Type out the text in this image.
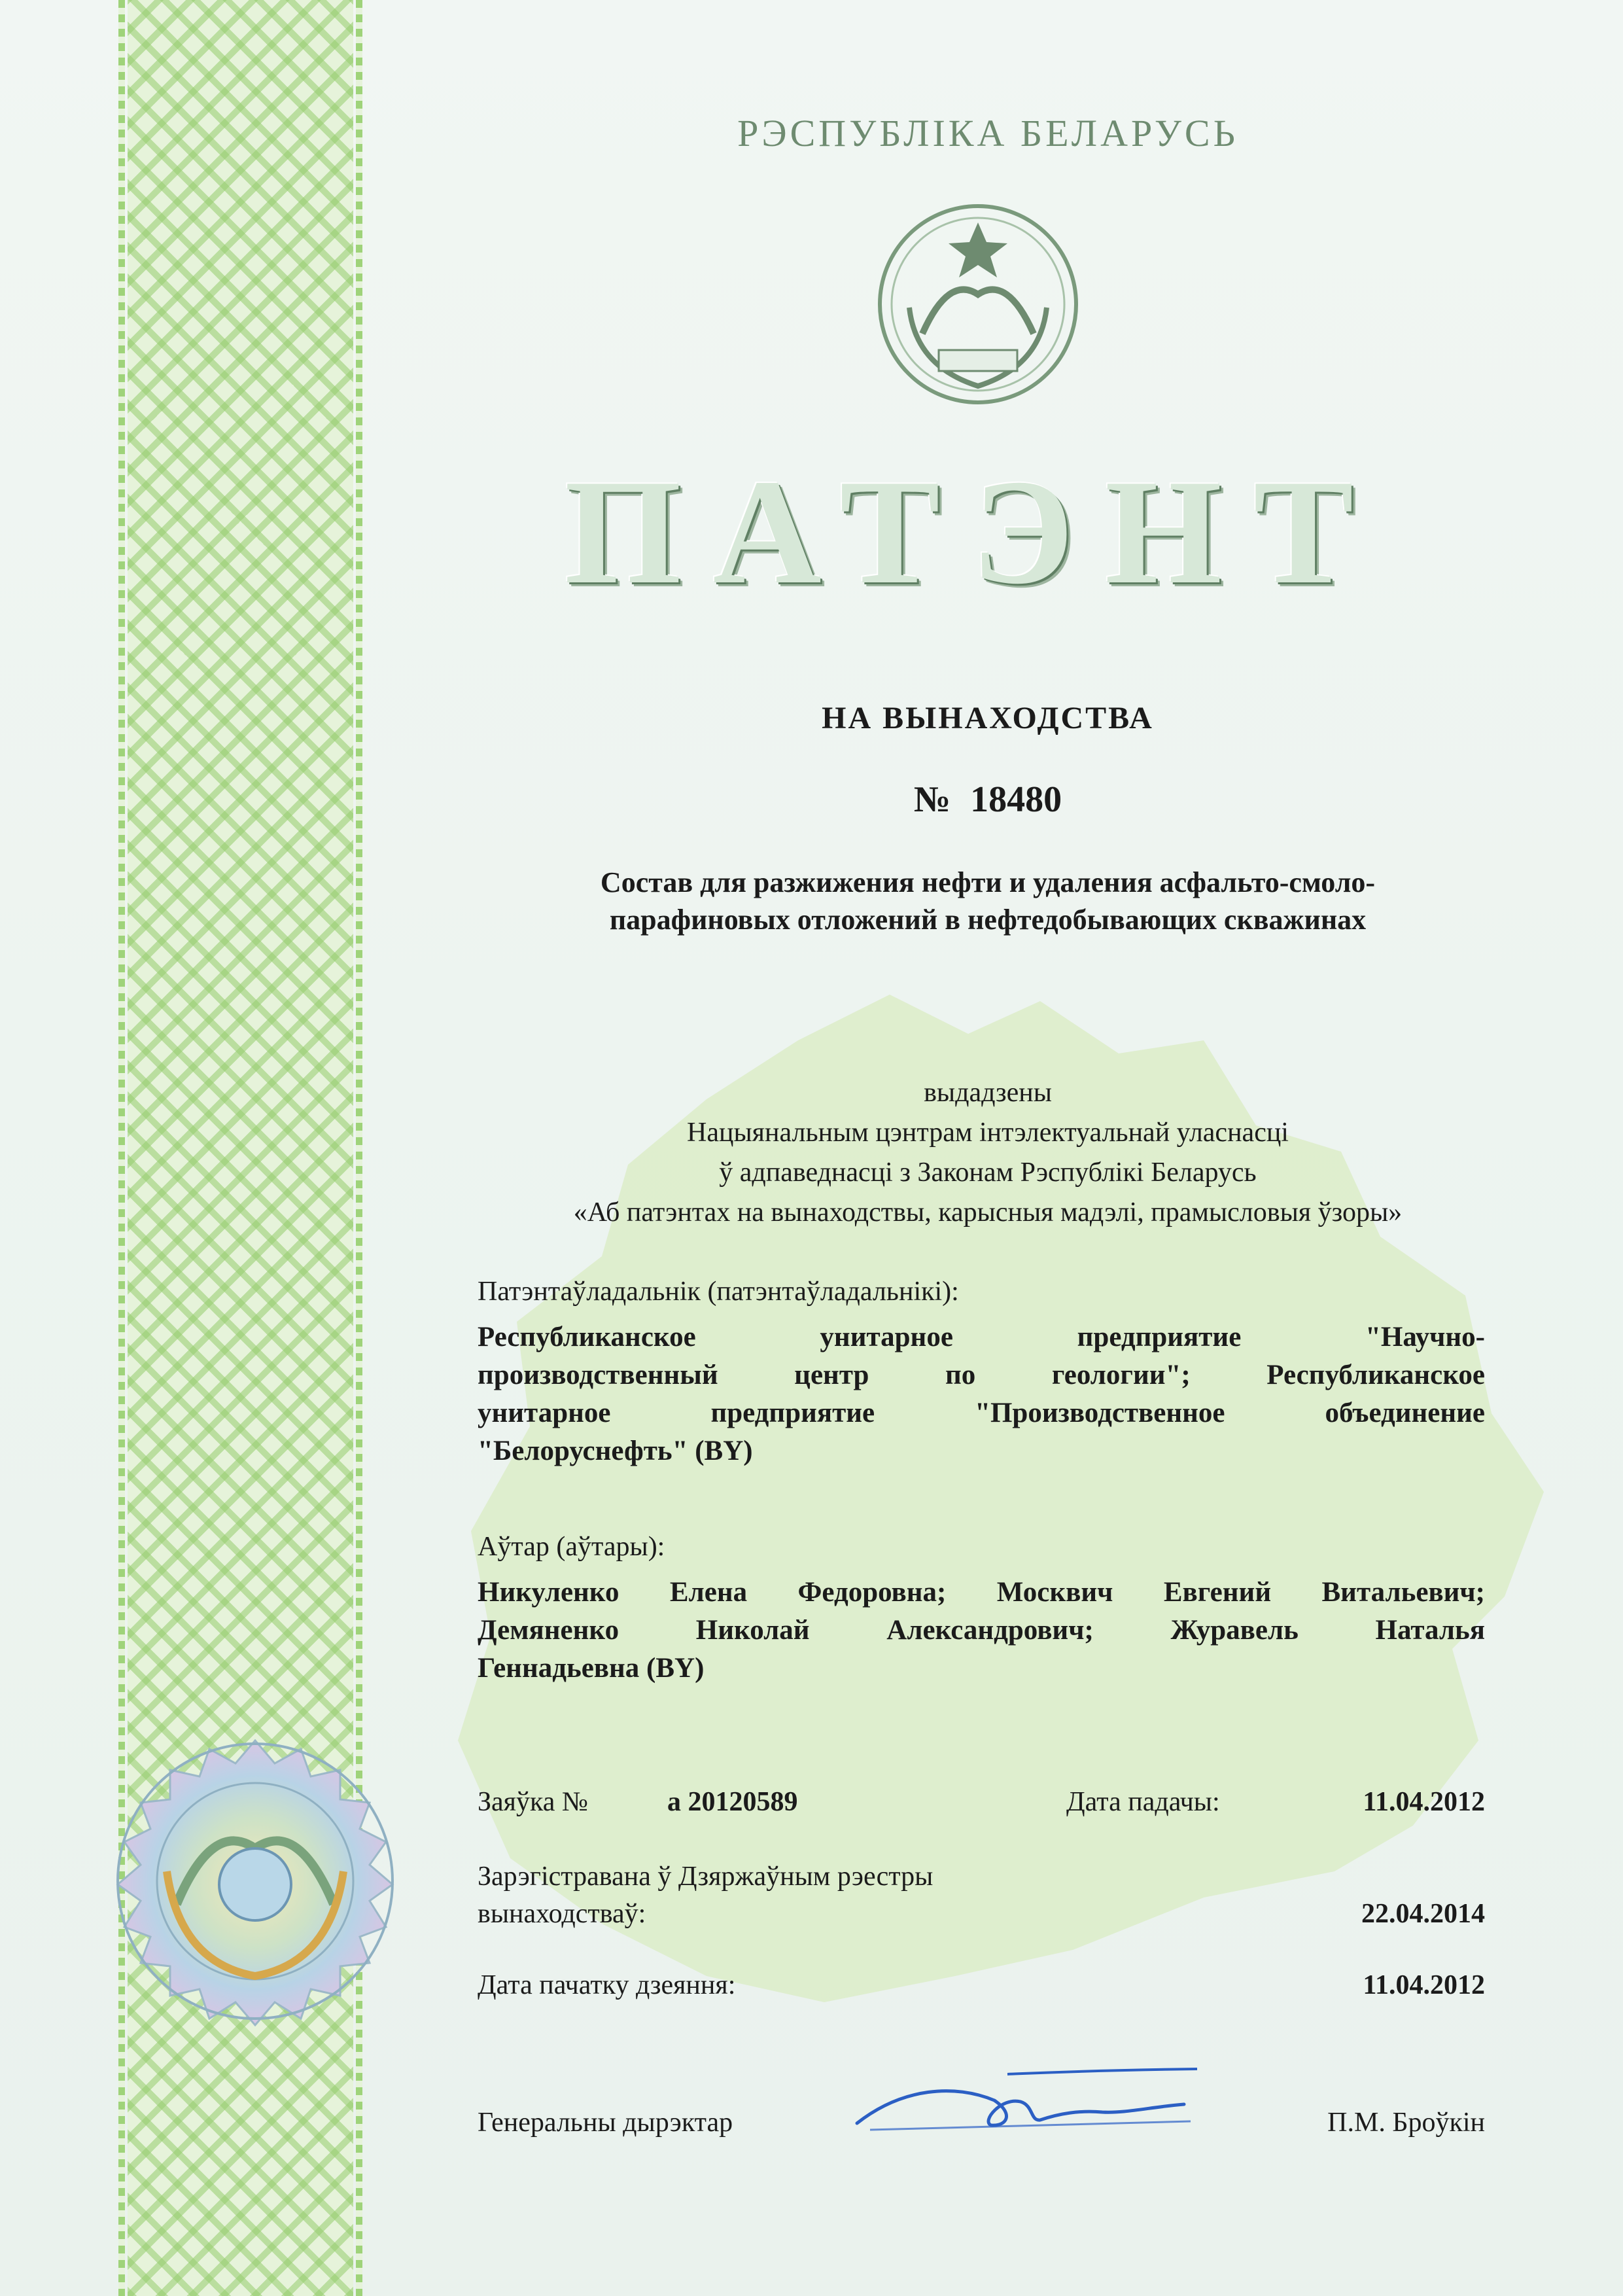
РЭСПУБЛІКА БЕЛАРУСЬ
ПАТЭНТ
НА ВЫНАХОДСТВА
№ 18480
Состав для разжижения нефти и удаления асфальто-смоло-
парафиновых отложений в нефтедобывающих скважинах
выдадзены
Нацыянальным цэнтрам інтэлектуальнай уласнасці
ў адпаведнасці з Законам Рэспублікі Беларусь
«Аб патэнтах на вынаходствы, карысныя мадэлі, прамысловыя ўзоры»
Патэнтаўладальнік (патэнтаўладальнікі):
Республиканское унитарное предприятие "Научно-
производственный центр по геологии"; Республиканское
унитарное предприятие "Производственное объединение
"Белоруснефть" (BY)
Аўтар (аўтары):
Никуленко Елена Федоровна; Москвич Евгений Витальевич;
Демяненко Николай Александрович; Журавель Наталья
Геннадьевна (BY)
Заяўка №	а 20120589	Дата падачы:	11.04.2012
Зарэгістравана ў Дзяржаўным рэестры
вынаходстваў:	22.04.2014
Дата пачатку дзеяння:	11.04.2012
Генеральны дырэктар	П.М. Броўкін
